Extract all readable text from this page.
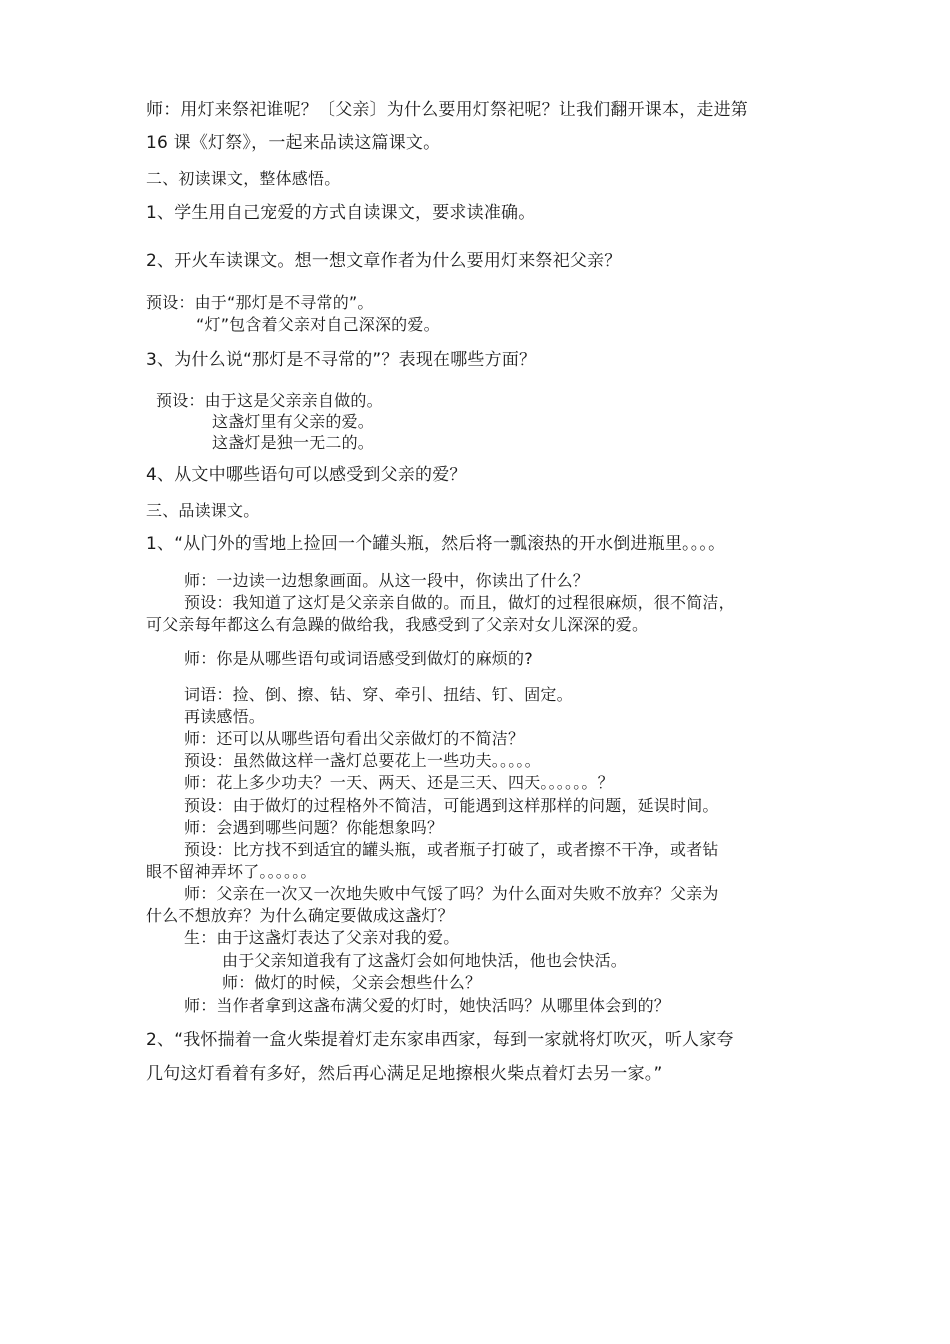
师：用灯来祭祀谁呢？〔父亲〕为什么要用灯祭祀呢？让我们翻开课本，走进第
16 课《灯祭》，一起来品读这篇课文。
二、初读课文，整体感悟。
1、学生用自己宠爱的方式自读课文，要求读准确。
2、开火车读课文。想一想文章作者为什么要用灯来祭祀父亲？
预设：由于“那灯是不寻常的”。
“灯”包含着父亲对自己深深的爱。
3、为什么说“那灯是不寻常的”？表现在哪些方面？
预设：由于这是父亲亲自做的。
这盏灯里有父亲的爱。
这盏灯是独一无二的。
4、从文中哪些语句可以感受到父亲的爱？
三、品读课文。
1、“从门外的雪地上捡回一个罐头瓶，然后将一瓢滚热的开水倒进瓶里。。。。
师：一边读一边想象画面。从这一段中，你读出了什么？
预设：我知道了这灯是父亲亲自做的。而且，做灯的过程很麻烦，很不简洁，
可父亲每年都这么有急躁的做给我，我感受到了父亲对女儿深深的爱。
师：你是从哪些语句或词语感受到做灯的麻烦的?
词语：捡、倒、擦、钻、穿、牵引、扭结、钉、固定。
再读感悟。
师：还可以从哪些语句看出父亲做灯的不简洁？
预设：虽然做这样一盏灯总要花上一些功夫。。。。。
师：花上多少功夫？一天、两天、还是三天、四天。。。。。。？
预设：由于做灯的过程格外不简洁，可能遇到这样那样的问题，延误时间。
师：会遇到哪些问题？你能想象吗？
预设：比方找不到适宜的罐头瓶，或者瓶子打破了，或者擦不干净，或者钻
眼不留神弄坏了。。。。。。
师：父亲在一次又一次地失败中气馁了吗？为什么面对失败不放弃？父亲为
什么不想放弃？为什么确定要做成这盏灯？
生：由于这盏灯表达了父亲对我的爱。
由于父亲知道我有了这盏灯会如何地快活，他也会快活。
师：做灯的时候，父亲会想些什么？
师：当作者拿到这盏布满父爱的灯时，她快活吗？从哪里体会到的？
2、“我怀揣着一盒火柴提着灯走东家串西家，每到一家就将灯吹灭，听人家夸
几句这灯看着有多好，然后再心满足足地擦根火柴点着灯去另一家。”
